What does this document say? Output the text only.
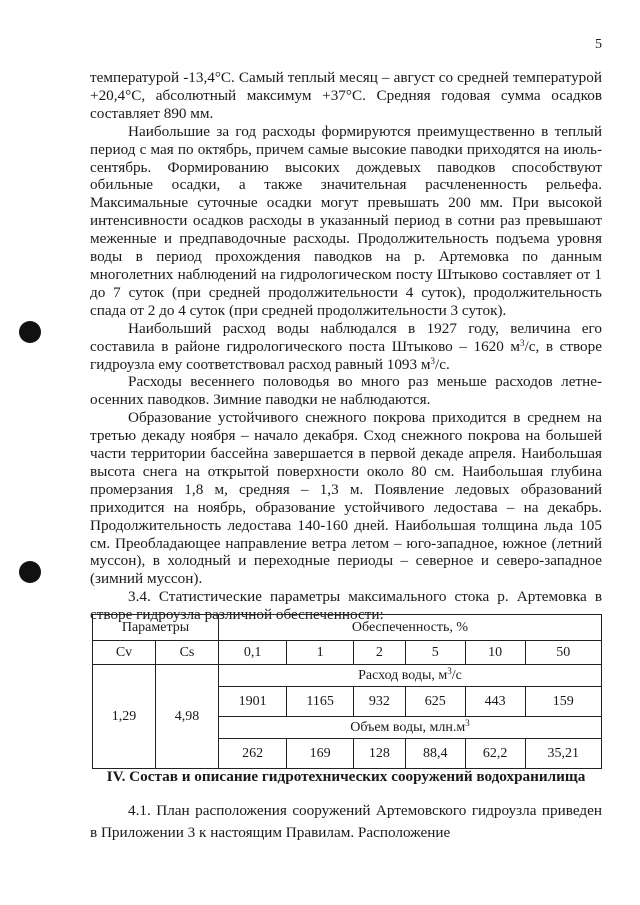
5

температурой -13,4°С. Самый теплый месяц – август со средней температурой +20,4°С, абсолютный максимум +37°С. Средняя годовая сумма осадков составляет 890 мм.

Наибольшие за год расходы формируются преимущественно в теплый период с мая по октябрь, причем самые высокие паводки приходятся на июль-сентябрь. Формированию высоких дождевых паводков способствуют обильные осадки, а также значительная расчлененность рельефа. Максимальные суточные осадки могут превышать 200 мм. При высокой интенсивности осадков расходы в указанный период в сотни раз превышают меженные и предпаводочные расходы. Продолжительность подъема уровня воды в период прохождения паводков на р. Артемовка по данным многолетних наблюдений на гидрологическом посту Штыково составляет от 1 до 7 суток (при средней продолжительности 4 суток), продолжительность спада от 2 до 4 суток (при средней продолжительности 3 суток).

Наибольший расход воды наблюдался в 1927 году, величина его составила в районе гидрологического поста Штыково – 1620 $м^3/с$, в створе гидроузла ему соответствовал расход равный 1093 $м^3/с$.

Расходы весеннего половодья во много раз меньше расходов летне-осенних паводков. Зимние паводки не наблюдаются.

Образование устойчивого снежного покрова приходится в среднем на третью декаду ноября – начало декабря. Сход снежного покрова на большей части территории бассейна завершается в первой декаде апреля. Наибольшая высота снега на открытой поверхности около 80 см. Наибольшая глубина промерзания 1,8 м, средняя – 1,3 м. Появление ледовых образований приходится на ноябрь, образование устойчивого ледостава – на декабрь. Продолжительность ледостава 140-160 дней. Наибольшая толщина льда 105 см. Преобладающее направление ветра летом – юго-западное, южное (летний муссон), в холодный и переходные периоды – северное и северо-западное (зимний муссон).

3.4. Статистические параметры максимального стока р. Артемовка в створе гидроузла различной обеспеченности:

Параметры		Обеспеченность, %					
Cv	Cs	0,1	1	2	5	10	50
1,29	4,98	Расход воды, $м^3/с$					
		1901	1165	932	625	443	159
		Объем воды, $млн.м^3$
		262	169	128	88,4	62,2	35,21
IV. Состав и описание гидротехнических сооружений водохранилища

4.1. План расположения сооружений Артемовского гидроузла приведен в Приложении 3 к настоящим Правилам. Расположение
